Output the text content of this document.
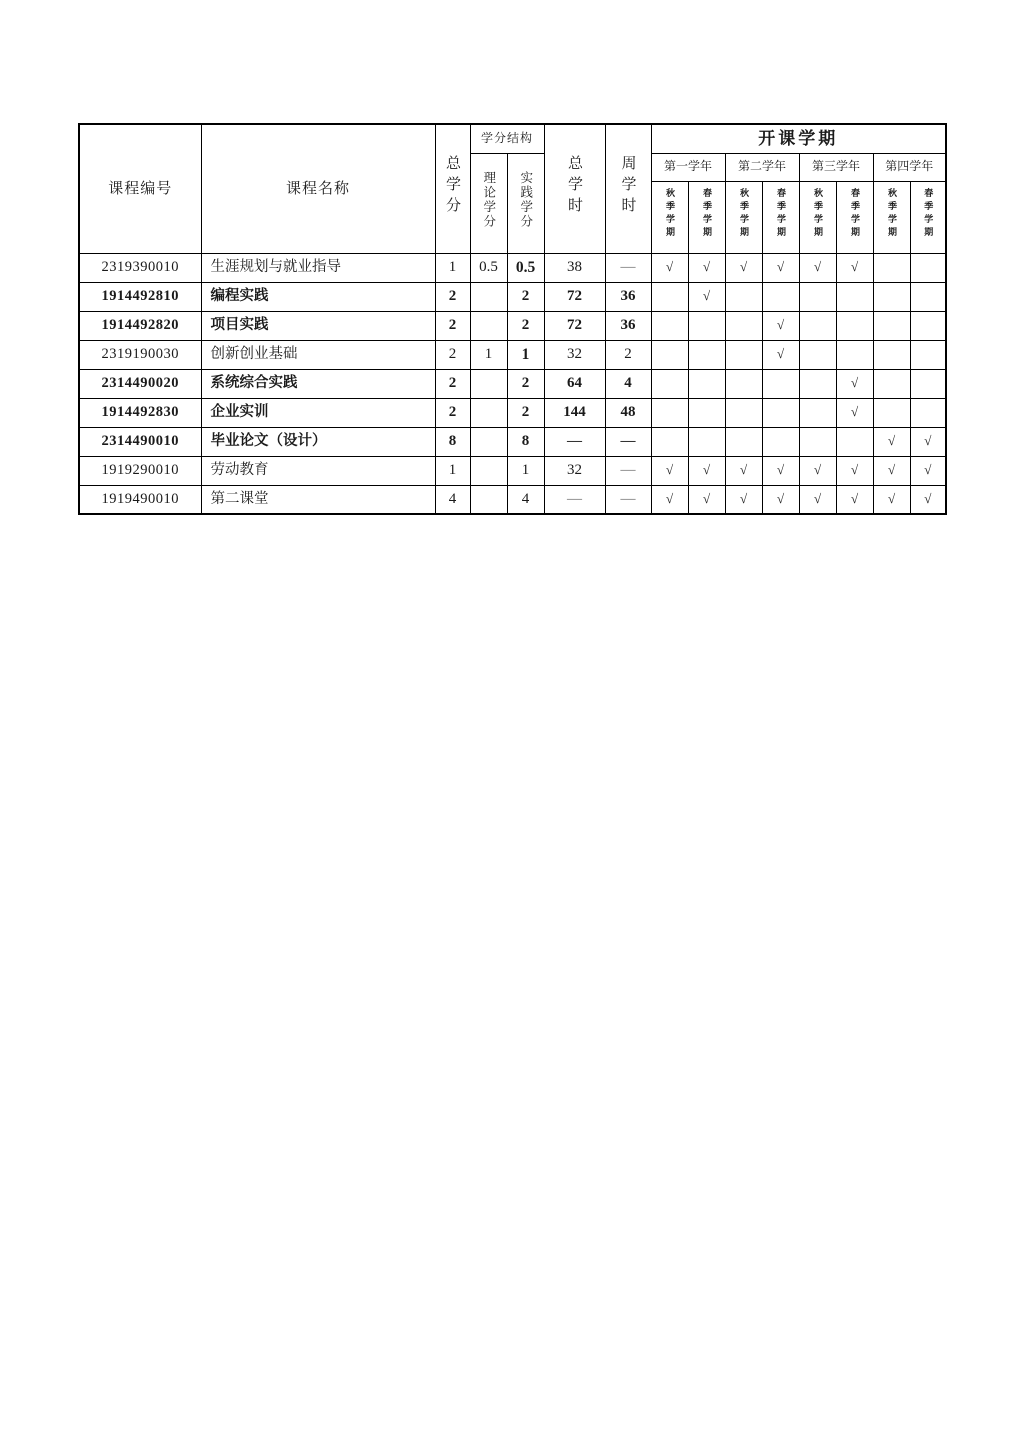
课程编号	课程名称	总学分	学分结构		总学时	周学时	开课学期							
			理论学分	实践学分			第一学年		第二学年		第三学年		第四学年	
							秋季学期	春季学期	秋季学期	春季学期	秋季学期	春季学期	秋季学期	春季学期
2319390010	生涯规划与就业指导	1	0.5	0.5	38	—	√	√	√	√	√	√		
1914492810	编程实践	2		2	72	36		√						
1914492820	项目实践	2		2	72	36				√				
2319190030	创新创业基础	2	1	1	32	2				√				
2314490020	系统综合实践	2		2	64	4						√		
1914492830	企业实训	2		2	144	48						√		
2314490010	毕业论文（设计）	8		8	—	—							√	√
1919290010	劳动教育	1		1	32	—	√	√	√	√	√	√	√	√
1919490010	第二课堂	4		4	—	—	√	√	√	√	√	√	√	√
